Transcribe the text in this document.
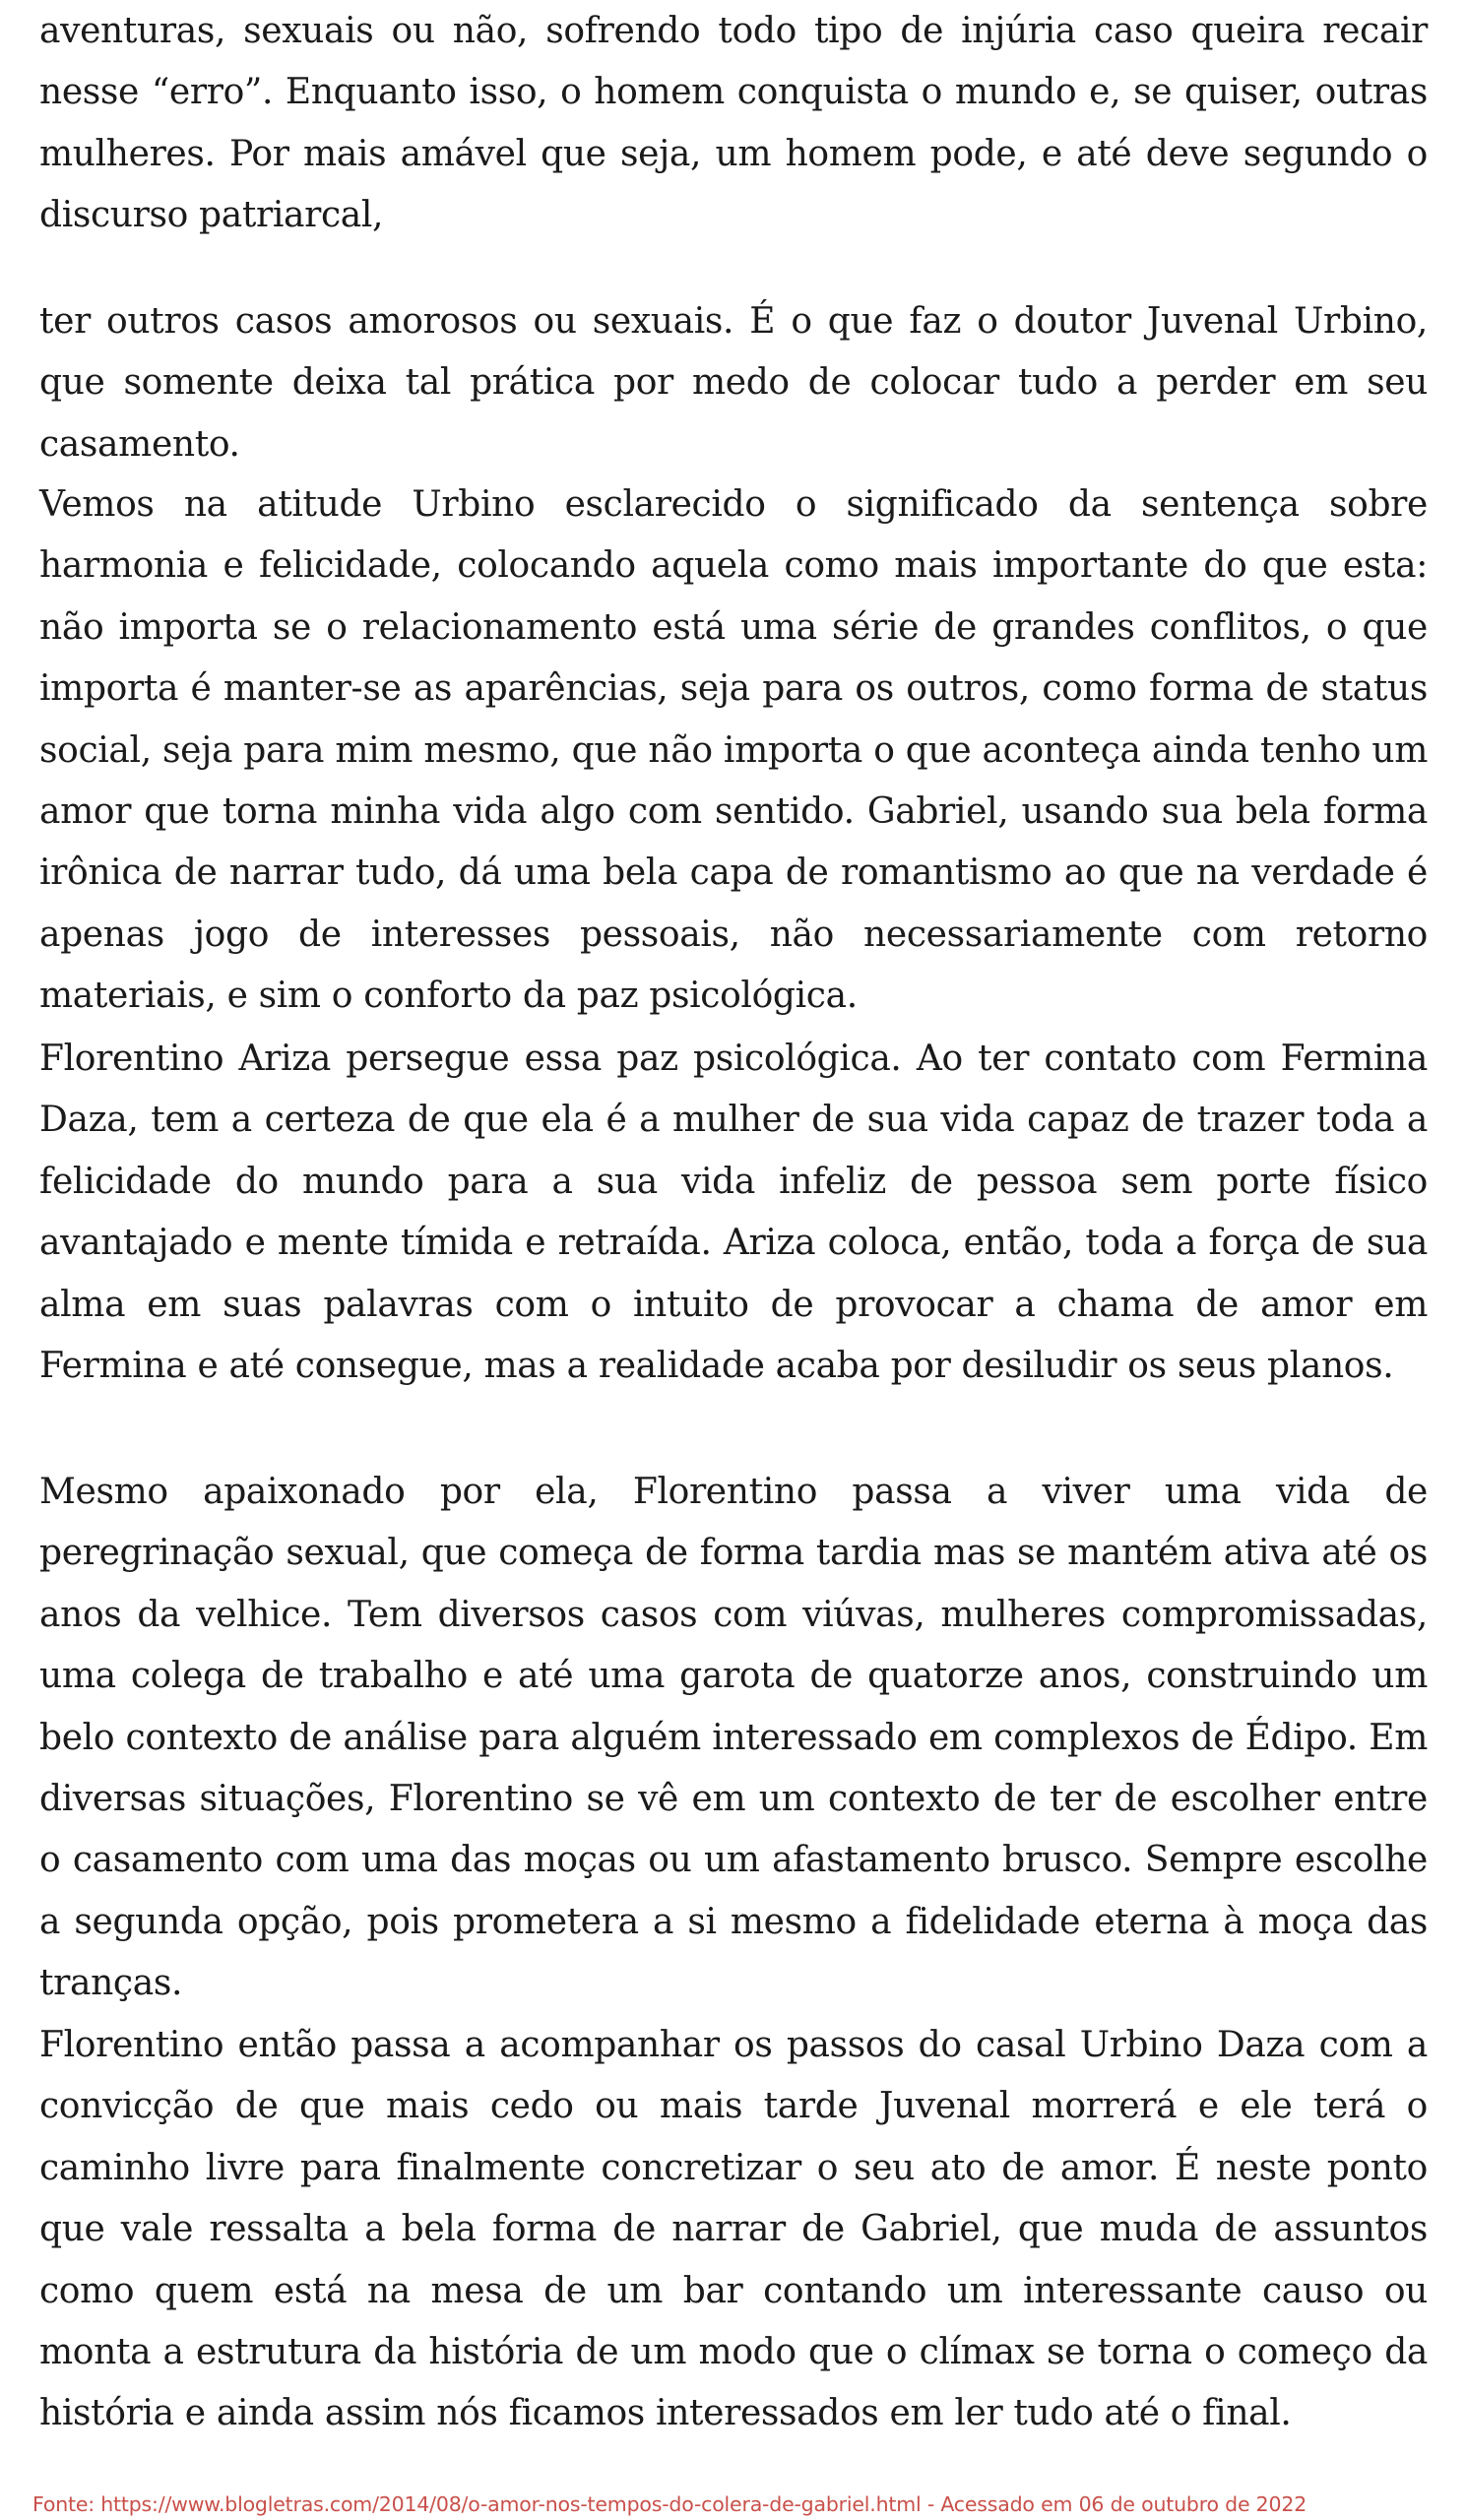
aventuras, sexuais ou não, sofrendo todo tipo de injúria caso queira recair nesse “erro”. Enquanto isso, o homem conquista o mundo e, se quiser, outras mulheres. Por mais amável que seja, um homem pode, e até deve segundo o discurso patriarcal,

ter outros casos amorosos ou sexuais. É o que faz o doutor Juvenal Urbino, que somente deixa tal prática por medo de colocar tudo a perder em seu casamento.

Vemos na atitude Urbino esclarecido o significado da sentença sobre harmonia e felicidade, colocando aquela como mais importante do que esta: não importa se o relacionamento está uma série de grandes conflitos, o que importa é manter-se as aparências, seja para os outros, como forma de status social, seja para mim mesmo, que não importa o que aconteça ainda tenho um amor que torna minha vida algo com sentido. Gabriel, usando sua bela forma irônica de narrar tudo, dá uma bela capa de romantismo ao que na verdade é apenas jogo de interesses pessoais, não necessariamente com retorno materiais, e sim o conforto da paz psicológica.

Florentino Ariza persegue essa paz psicológica. Ao ter contato com Fermina Daza, tem a certeza de que ela é a mulher de sua vida capaz de trazer toda a felicidade do mundo para a sua vida infeliz de pessoa sem porte físico avantajado e mente tímida e retraída. Ariza coloca, então, toda a força de sua alma em suas palavras com o intuito de provocar a chama de amor em Fermina e até consegue, mas a realidade acaba por desiludir os seus planos.

Mesmo apaixonado por ela, Florentino passa a viver uma vida de peregrinação sexual, que começa de forma tardia mas se mantém ativa até os anos da velhice. Tem diversos casos com viúvas, mulheres compromissadas, uma colega de trabalho e até uma garota de quatorze anos, construindo um belo contexto de análise para alguém interessado em complexos de Édipo. Em diversas situações, Florentino se vê em um contexto de ter de escolher entre o casamento com uma das moças ou um afastamento brusco. Sempre escolhe a segunda opção, pois prometera a si mesmo a fidelidade eterna à moça das tranças.

Florentino então passa a acompanhar os passos do casal Urbino Daza com a convicção de que mais cedo ou mais tarde Juvenal morrerá e ele terá o caminho livre para finalmente concretizar o seu ato de amor. É neste ponto que vale ressalta a bela forma de narrar de Gabriel, que muda de assuntos como quem está na mesa de um bar contando um interessante causo ou monta a estrutura da história de um modo que o clímax se torna o começo da história e ainda assim nós ficamos interessados em ler tudo até o final.

Fonte: https://www.blogletras.com/2014/08/o-amor-nos-tempos-do-colera-de-gabriel.html - Acessado em 06 de outubro de 2022
